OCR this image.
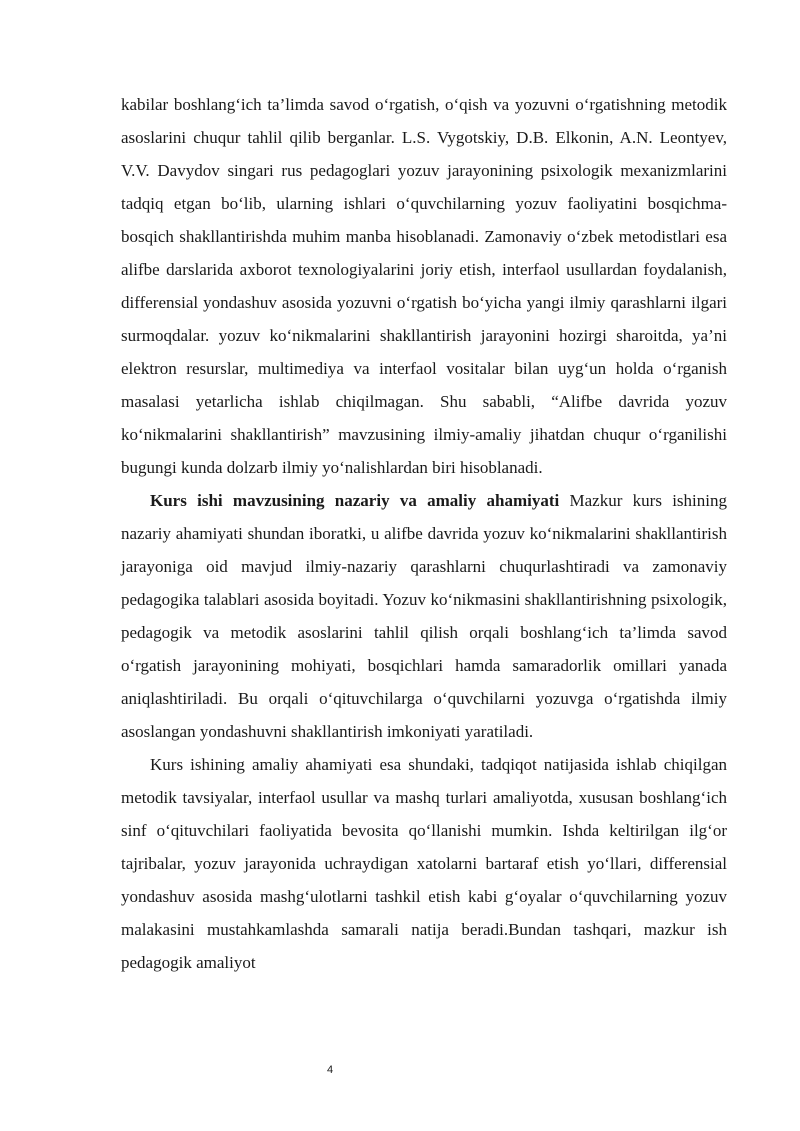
kabilar boshlang‘ich ta’limda savod o‘rgatish, o‘qish va yozuvni o‘rgatishning metodik asoslarini chuqur tahlil qilib berganlar. L.S. Vygotskiy, D.B. Elkonin, A.N. Leontyev, V.V. Davydov singari rus pedagoglari yozuv jarayonining psixologik mexanizmlarini tadqiq etgan bo‘lib, ularning ishlari o‘quvchilarning yozuv faoliyatini bosqichma-bosqich shakllantirishda muhim manba hisoblanadi. Zamonaviy o‘zbek metodistlari esa alifbe darslarida axborot texnologiyalarini joriy etish, interfaol usullardan foydalanish, differensial yondashuv asosida yozuvni o‘rgatish bo‘yicha yangi ilmiy qarashlarni ilgari surmoqdalar. yozuv ko‘nikmalarini shakllantirish jarayonini hozirgi sharoitda, ya’ni elektron resurslar, multimediya va interfaol vositalar bilan uyg‘un holda o‘rganish masalasi yetarlicha ishlab chiqilmagan. Shu sababli, “Alifbe davrida yozuv ko‘nikmalarini shakllantirish” mavzusining ilmiy-amaliy jihatdan chuqur o‘rganilishi bugungi kunda dolzarb ilmiy yo‘nalishlardan biri hisoblanadi.

Kurs ishi mavzusining nazariy va amaliy ahamiyati Mazkur kurs ishining nazariy ahamiyati shundan iboratki, u alifbe davrida yozuv ko‘nikmalarini shakllantirish jarayoniga oid mavjud ilmiy-nazariy qarashlarni chuqurlashtiradi va zamonaviy pedagogika talablari asosida boyitadi. Yozuv ko‘nikmasini shakllantirishning psixologik, pedagogik va metodik asoslarini tahlil qilish orqali boshlang‘ich ta’limda savod o‘rgatish jarayonining mohiyati, bosqichlari hamda samaradorlik omillari yanada aniqlashtiriladi. Bu orqali o‘qituvchilarga o‘quvchilarni yozuvga o‘rgatishda ilmiy asoslangan yondashuvni shakllantirish imkoniyati yaratiladi.

Kurs ishining amaliy ahamiyati esa shundaki, tadqiqot natijasida ishlab chiqilgan metodik tavsiyalar, interfaol usullar va mashq turlari amaliyotda, xususan boshlang‘ich sinf o‘qituvchilari faoliyatida bevosita qo‘llanishi mumkin. Ishda keltirilgan ilg‘or tajribalar, yozuv jarayonida uchraydigan xatolarni bartaraf etish yo‘llari, differensial yondashuv asosida mashg‘ulotlarni tashkil etish kabi g‘oyalar o‘quvchilarning yozuv malakasini mustahkamlashda samarali natija beradi.Bundan tashqari, mazkur ish pedagogik amaliyot

4
